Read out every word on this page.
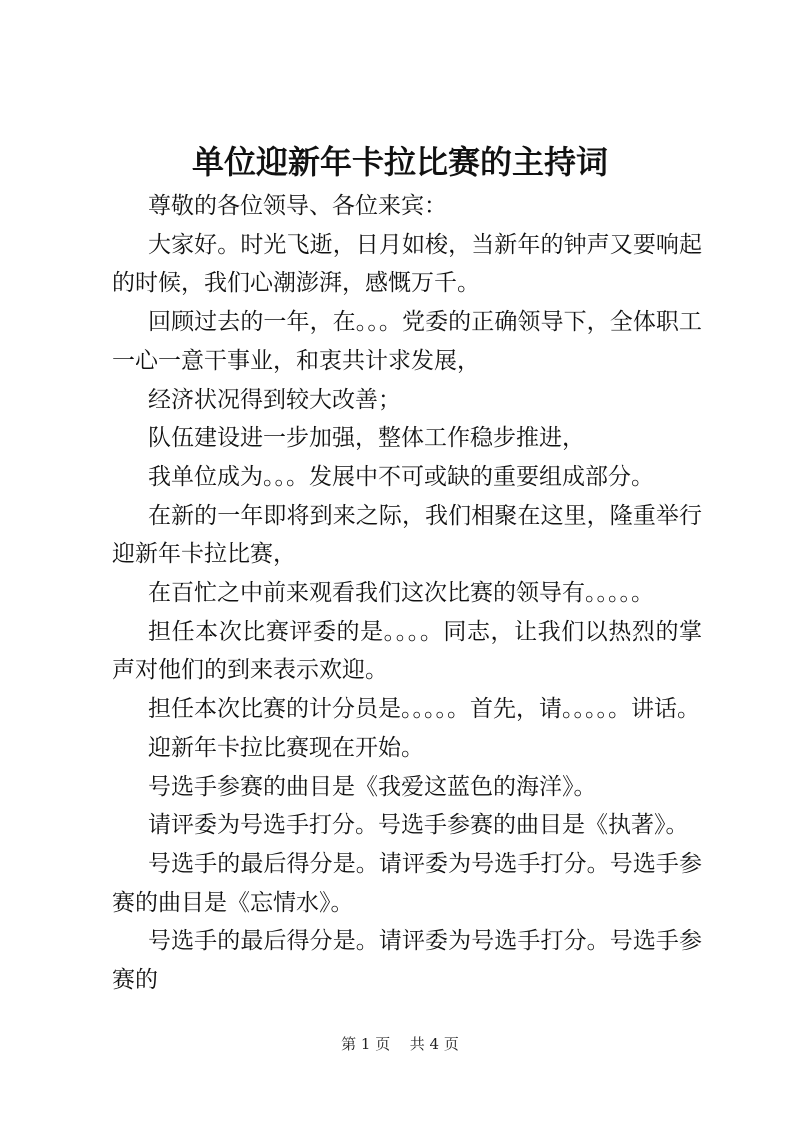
单位迎新年卡拉比赛的主持词

尊敬的各位领导、各位来宾：

大家好。时光飞逝，日月如梭，当新年的钟声又要响起的时候，我们心潮澎湃，感慨万千。

回顾过去的一年，在。。。党委的正确领导下，全体职工一心一意干事业，和衷共计求发展，

经济状况得到较大改善；

队伍建设进一步加强，整体工作稳步推进，

我单位成为。。。发展中不可或缺的重要组成部分。

在新的一年即将到来之际，我们相聚在这里，隆重举行迎新年卡拉比赛，

在百忙之中前来观看我们这次比赛的领导有。。。。。

担任本次比赛评委的是。。。。同志，让我们以热烈的掌声对他们的到来表示欢迎。

担任本次比赛的计分员是。。。。。首先，请。。。。。讲话。

迎新年卡拉比赛现在开始。

号选手参赛的曲目是《我爱这蓝色的海洋》。

请评委为号选手打分。号选手参赛的曲目是《执著》。

号选手的最后得分是。请评委为号选手打分。号选手参赛的曲目是《忘情水》。

号选手的最后得分是。请评委为号选手打分。号选手参赛的

第 1 页 共 4 页
